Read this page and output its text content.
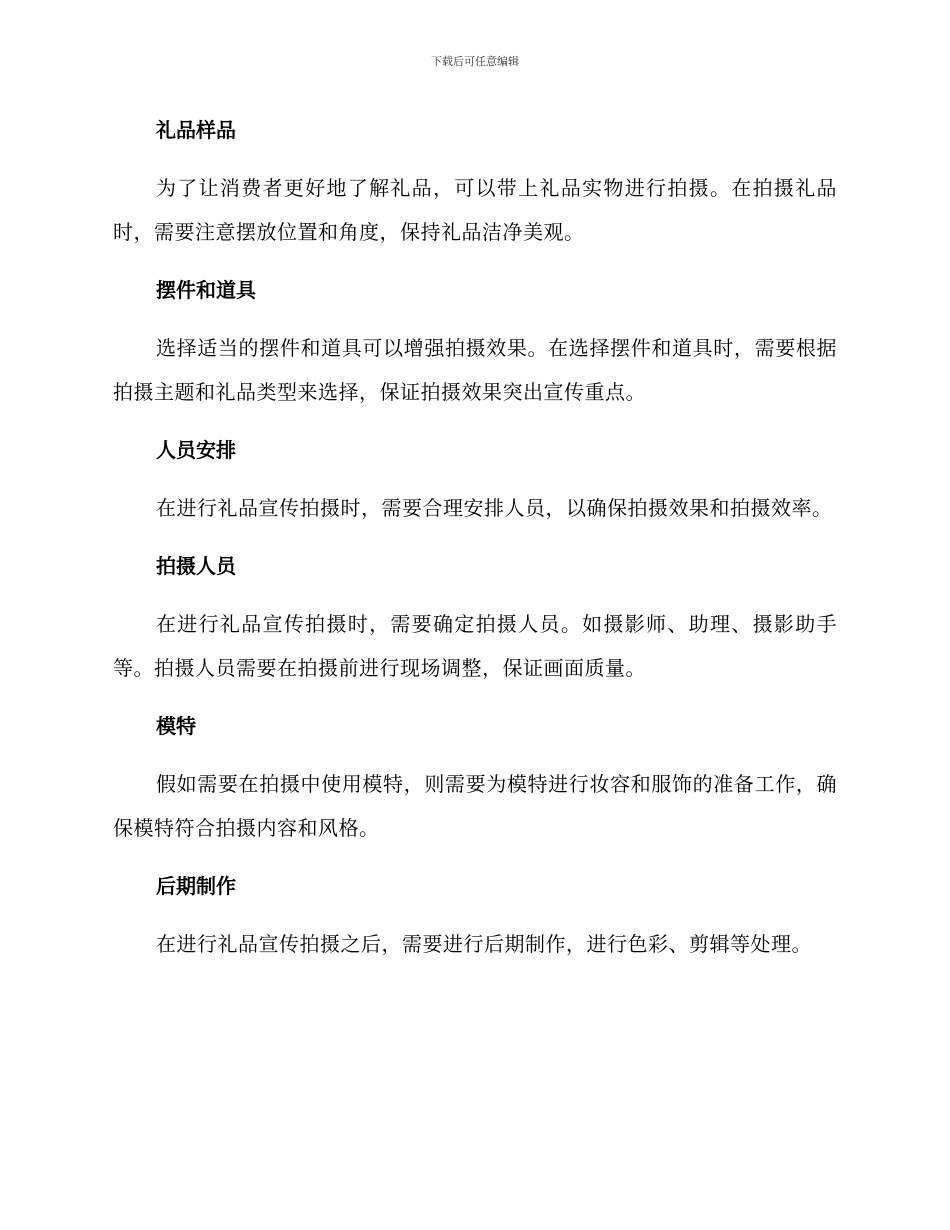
下载后可任意编辑

礼品样品

为了让消费者更好地了解礼品，可以带上礼品实物进行拍摄。在拍摄礼品时，需要注意摆放位置和角度，保持礼品洁净美观。

摆件和道具

选择适当的摆件和道具可以增强拍摄效果。在选择摆件和道具时，需要根据拍摄主题和礼品类型来选择，保证拍摄效果突出宣传重点。

人员安排

在进行礼品宣传拍摄时，需要合理安排人员，以确保拍摄效果和拍摄效率。

拍摄人员

在进行礼品宣传拍摄时，需要确定拍摄人员。如摄影师、助理、摄影助手等。拍摄人员需要在拍摄前进行现场调整，保证画面质量。

模特

假如需要在拍摄中使用模特，则需要为模特进行妆容和服饰的准备工作，确保模特符合拍摄内容和风格。

后期制作

在进行礼品宣传拍摄之后，需要进行后期制作，进行色彩、剪辑等处理。
